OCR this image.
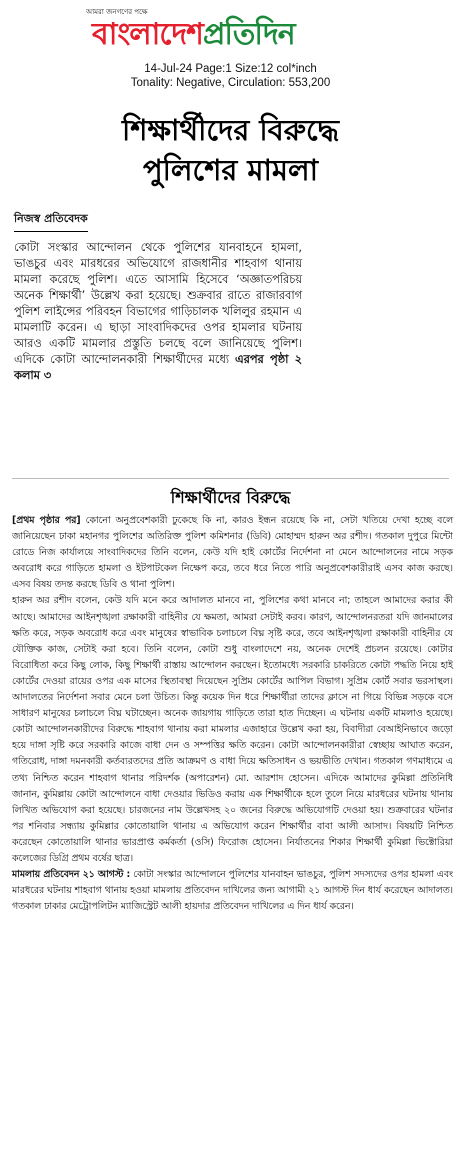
আমরা জনগণের পক্ষে
বাংলাদেশপ্রতিদিন
14-Jul-24 Page:1 Size:12 col*inch
Tonality: Negative, Circulation: 553,200
শিক্ষার্থীদের বিরুদ্ধে
পুলিশের মামলা
নিজস্ব প্রতিবেদক
কোটা সংস্কার আন্দোলন থেকে পুলিশের যানবাহনে হামলা, ভাঙচুর এবং মারধরের অভিযোগে রাজধানীর শাহবাগ থানায় মামলা করেছে পুলিশ। এতে আসামি হিসেবে ‘অজ্ঞাতপরিচয় অনেক শিক্ষার্থী’ উল্লেখ করা হয়েছে। শুক্রবার রাতে রাজারবাগ পুলিশ লাইন্সের পরিবহন বিভাগের গাড়িচালক খলিলুর রহমান এ মামলাটি করেন। এ ছাড়া সাংবাদিকদের ওপর হামলার ঘটনায় আরও একটি মামলার প্রস্তুতি চলছে বলে জানিয়েছে পুলিশ। এদিকে কোটা আন্দোলনকারী শিক্ষার্থীদের মধ্যে এরপর পৃষ্ঠা ২ কলাম ৩
শিক্ষার্থীদের বিরুদ্ধে

[প্রথম পৃষ্ঠার পর] কোনো অনুপ্রবেশকারী ঢুকেছে কি না, কারও ইন্ধন রয়েছে কি না, সেটা খতিয়ে দেখা হচ্ছে বলে জানিয়েছেন ঢাকা মহানগর পুলিশের অতিরিক্ত পুলিশ কমিশনার (ডিবি) মোহাম্মদ হারুন অর রশীদ। গতকাল দুপুরে মিন্টো রোডে নিজ কার্যালয়ে সাংবাদিকদের তিনি বলেন, কেউ যদি হাই কোর্টের নির্দেশনা না মেনে আন্দোলনের নামে সড়ক অবরোধ করে গাড়িতে হামলা ও ইটপাটকেল নিক্ষেপ করে, তবে ধরে নিতে পারি অনুপ্রবেশকারীরাই এসব কাজ করছে। এসব বিষয় তদন্ত করছে ডিবি ও থানা পুলিশ।

হারুন অর রশীদ বলেন, কেউ যদি মনে করে আদালত মানবে না, পুলিশের কথা মানবে না; তাহলে আমাদের করার কী আছে। আমাদের আইনশৃঙ্খলা রক্ষাকারী বাহিনীর যে ক্ষমতা, আমরা সেটাই করব। কারণ, আন্দোলনরতরা যদি জানমালের ক্ষতি করে, সড়ক অবরোধ করে এবং মানুষের স্বাভাবিক চলাচলে বিঘ্ন সৃষ্টি করে, তবে আইনশৃঙ্খলা রক্ষাকারী বাহিনীর যে যৌক্তিক কাজ, সেটাই করা হবে। তিনি বলেন, কোটা শুধু বাংলাদেশে নয়, অনেক দেশেই প্রচলন রয়েছে। কোটার বিরোধিতা করে কিছু লোক, কিছু শিক্ষার্থী রাস্তায় আন্দোলন করছেন। ইতোমধ্যে সরকারি চাকরিতে কোটা পদ্ধতি নিয়ে হাই কোর্টের দেওয়া রায়ের ওপর এক মাসের স্থিতাবস্থা দিয়েছেন সুপ্রিম কোর্টের আপিল বিভাগ। সুপ্রিম কোর্ট সবার ভরসাস্থল। আদালতের নির্দেশনা সবার মেনে চলা উচিত। কিন্তু কয়েক দিন ধরে শিক্ষার্থীরা তাদের ক্লাসে না গিয়ে বিভিন্ন সড়কে বসে সাধারণ মানুষের চলাচলে বিঘ্ন ঘটাচ্ছেন। অনেক জায়গায় গাড়িতে তারা হাত দিচ্ছেন। এ ঘটনায় একটি মামলাও হয়েছে। কোটা আন্দোলনকারীদের বিরুদ্ধে শাহবাগ থানায় করা মামলার এজাহারে উল্লেখ করা হয়, বিবাদীরা বেআইনিভাবে জড়ো হয়ে দাঙ্গা সৃষ্টি করে সরকারি কাজে বাধা দেন ও সম্পত্তির ক্ষতি করেন। কোটা আন্দোলনকারীরা স্বেচ্ছায় আঘাত করেন, গতিরোধ, দাঙ্গা দমনকারী কর্তব্যরতদের প্রতি আক্রমণ ও বাধা দিয়ে ক্ষতিসাধন ও ভয়ভীতি দেখান। গতকাল গণমাধ্যমে এ তথ্য নিশ্চিত করেন শাহবাগ থানার পরিদর্শক (অপারেশন) মো. আরশাদ হোসেন। এদিকে আমাদের কুমিল্লা প্রতিনিধি জানান, কুমিল্লায় কোটা আন্দোলনে বাধা দেওয়ার ভিডিও করায় এক শিক্ষার্থীকে হলে তুলে নিয়ে মারধরের ঘটনায় থানায় লিখিত অভিযোগ করা হয়েছে। চারজনের নাম উল্লেখসহ ২০ জনের বিরুদ্ধে অভিযোগটি দেওয়া হয়। শুক্রবারের ঘটনার পর শনিবার সন্ধ্যায় কুমিল্লার কোতোয়ালি থানায় এ অভিযোগ করেন শিক্ষার্থীর বাবা আলী আসাদ। বিষয়টি নিশ্চিত করেছেন কোতোয়ালি থানার ভারপ্রাপ্ত কর্মকর্তা (ওসি) ফিরোজ হোসেন। নির্যাতনের শিকার শিক্ষার্থী কুমিল্লা ভিক্টোরিয়া কলেজের ডিগ্রি প্রথম বর্ষের ছাত্র।

মামলায় প্রতিবেদন ২১ আগস্ট : কোটা সংস্কার আন্দোলনে পুলিশের যানবাহন ভাঙচুর, পুলিশ সদস্যদের ওপর হামলা এবং মারধরের ঘটনায় শাহবাগ থানায় হওয়া মামলায় প্রতিবেদন দাখিলের জন্য আগামী ২১ আগস্ট দিন ধার্য করেছেন আদালত। গতকাল ঢাকার মেট্রোপলিটন ম্যাজিস্ট্রেট আলী হায়দার প্রতিবেদন দাখিলের এ দিন ধার্য করেন।
